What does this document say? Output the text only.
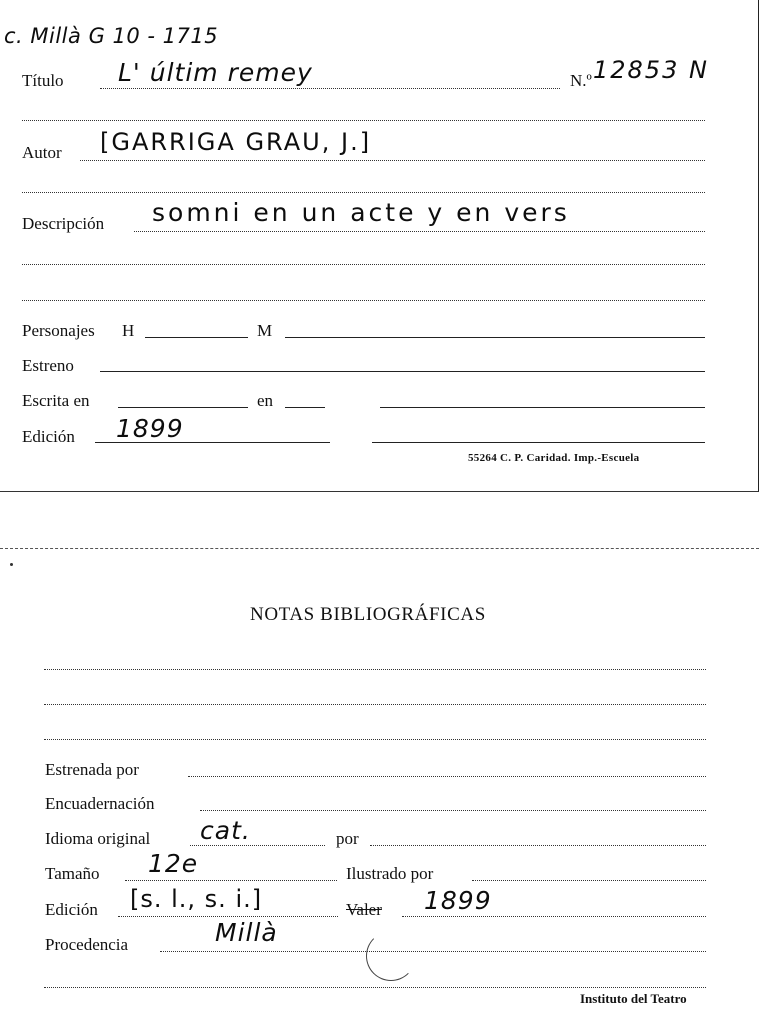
c. Millà G 10 - 1715
Título L' últim remey	N.º 12853 N
Autor [GARRIGA GRAU, J.]
Descripción somni en un acte y en vers
Personajes H	M
Estreno
Escrita en	en
Edición 1899
55264 C. P. Caridad. Imp.-Escuela
NOTAS BIBLIOGRÁFICAS
Estrenada por
Encuadernación
Idioma original cat.	por
Tamaño 12e	Ilustrado por
Edición [s. l., s. i.]	Valer 1899
Procedencia	Millà
Instituto del Teatro
